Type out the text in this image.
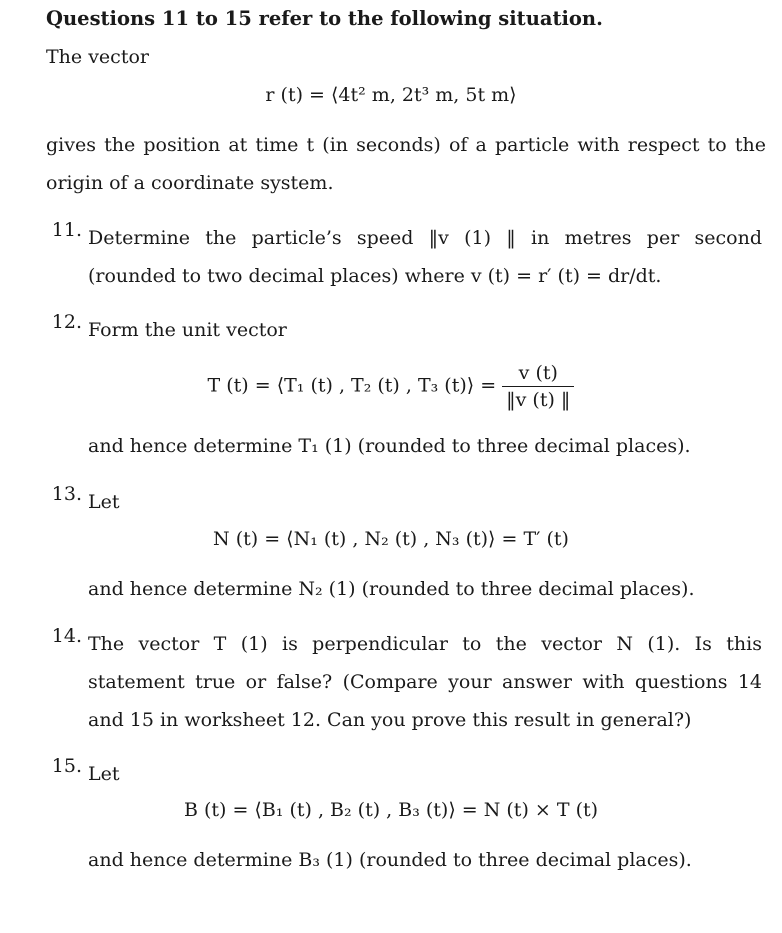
Questions 11 to 15 refer to the following situation.
The vector
r (t) = ⟨4t² m, 2t³ m, 5t m⟩
gives the position at time t (in seconds) of a particle with respect to the origin of a coordinate system.
11. Determine the particle’s speed ‖v (1) ‖ in metres per second (rounded to two decimal places) where v (t) = r′ (t) = dr/dt.
12. Form the unit vector
T (t) = ⟨T₁ (t) , T₂ (t) , T₃ (t)⟩ = $\frac{v (t)}{‖v (t) ‖}$
and hence determine T₁ (1) (rounded to three decimal places).
13. Let
N (t) = ⟨N₁ (t) , N₂ (t) , N₃ (t)⟩ = T′ (t)
and hence determine N₂ (1) (rounded to three decimal places).
14. The vector T (1) is perpendicular to the vector N (1). Is this statement true or false? (Compare your answer with questions 14 and 15 in worksheet 12. Can you prove this result in general?)
15. Let
B (t) = ⟨B₁ (t) , B₂ (t) , B₃ (t)⟩ = N (t) × T (t)
and hence determine B₃ (1) (rounded to three decimal places).
